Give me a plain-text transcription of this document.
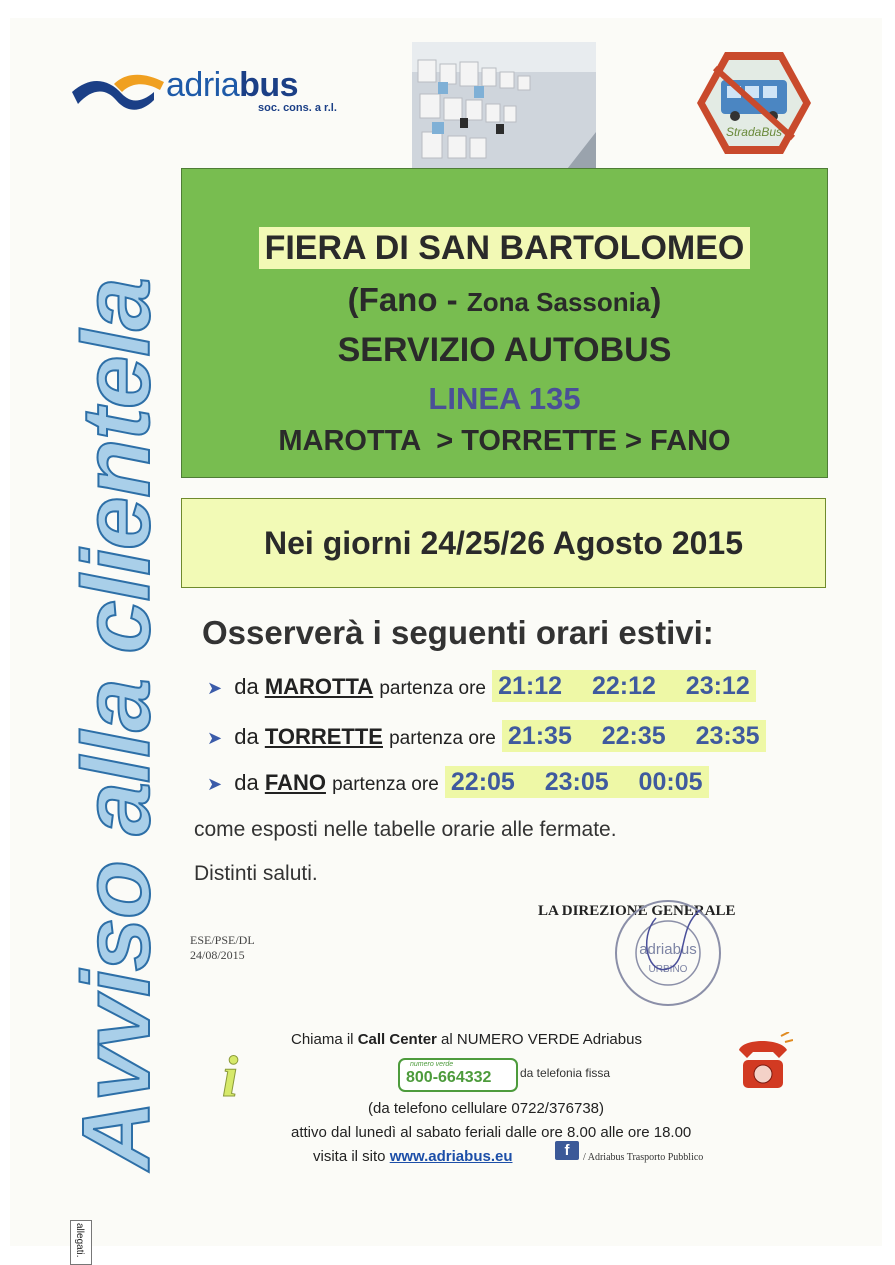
adriabus
soc. cons. a r.l.
StradaBus
Avviso alla clientela
FIERA DI SAN BARTOLOMEO
(Fano - Zona Sassonia)
SERVIZIO AUTOBUS
LINEA 135
MAROTTA  > TORRETTE > FANO
Nei giorni 24/25/26 Agosto 2015
Osserverà i seguenti orari estivi:
➤ da MAROTTA partenza ore 21:12  22:12  23:12
➤ da TORRETTE partenza ore 21:35  22:35  23:35
➤ da FANO partenza ore 22:05  23:05  00:05
come esposti nelle tabelle orarie alle fermate.
Distinti saluti.
LA DIREZIONE GENERALE
ESE/PSE/DL
24/08/2015	adriabus
URBINO
i
Chiama il Call Center al NUMERO VERDE Adriabus
numero verde
800-664332 da telefonia fissa
(da telefono cellulare 0722/376738)
attivo dal lunedì al sabato feriali dalle ore 8.00 alle ore 18.00
visita il sito www.adriabus.eu	f	/ Adriabus Trasporto Pubblico
allegati.
